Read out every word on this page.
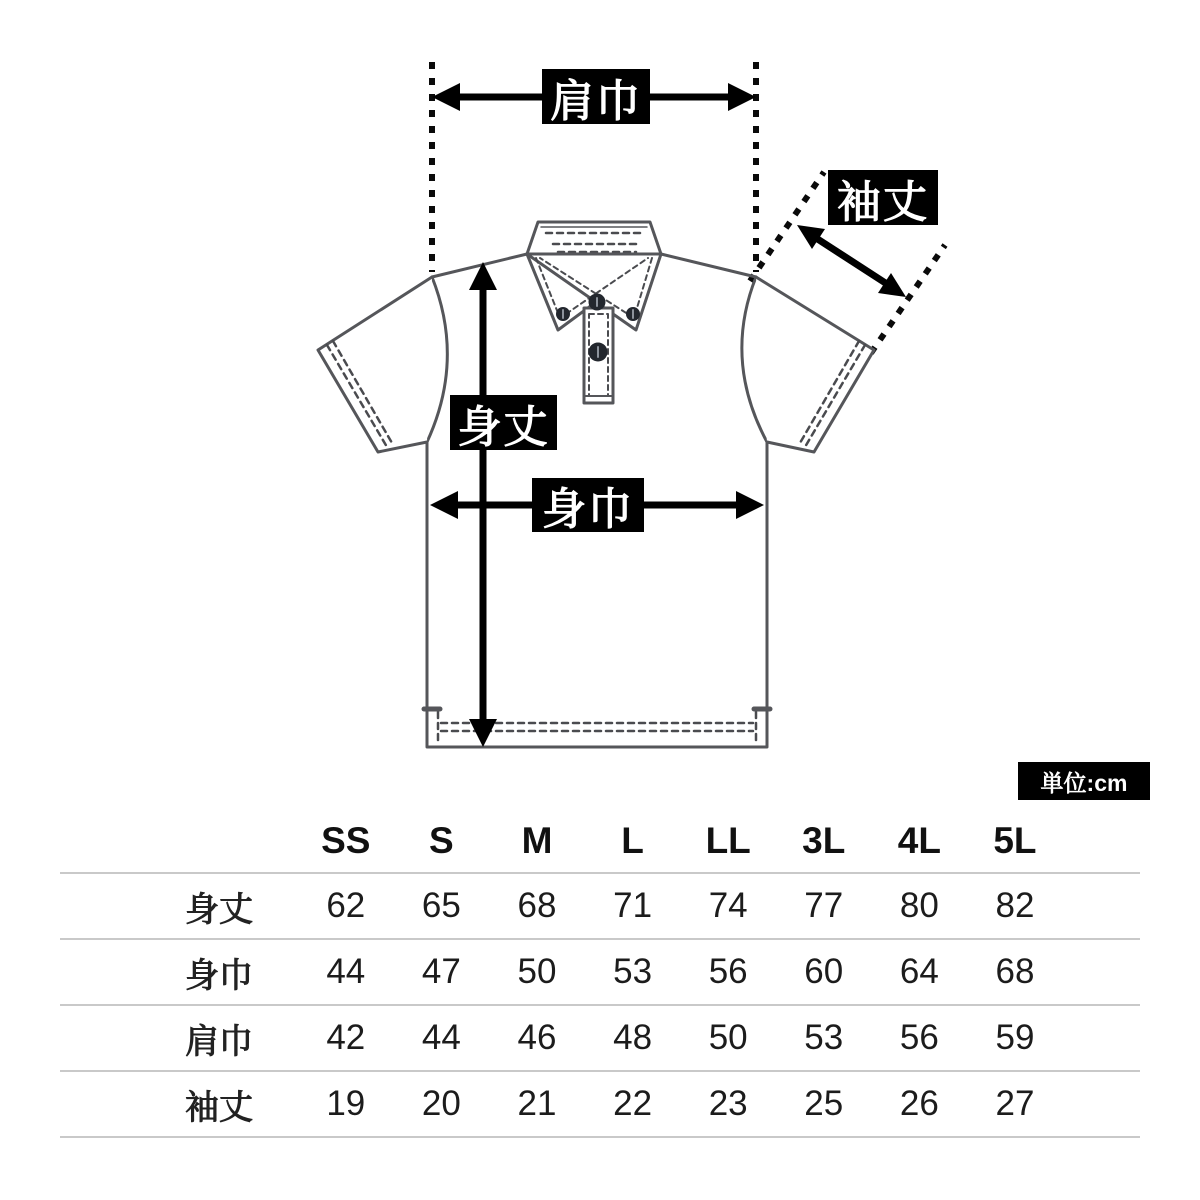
肩巾
袖丈
身丈
身巾
単位:cm
SS	S	M	L	LL	3L	4L	5L
身丈	62	65	68	71	74	77	80	82
身巾	44	47	50	53	56	60	64	68
肩巾	42	44	46	48	50	53	56	59
袖丈	19	20	21	22	23	25	26	27
